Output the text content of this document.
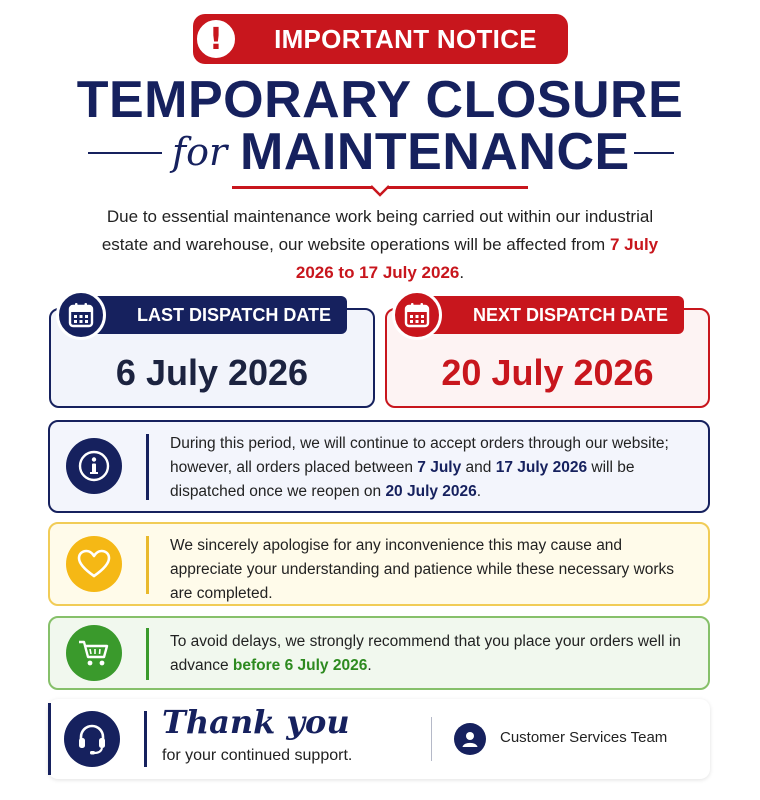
!	IMPORTANT NOTICE
TEMPORARY CLOSURE
for MAINTENANCE
Due to essential maintenance work being carried out within our industrial estate and warehouse, our website operations will be affected from 7 July 2026 to 17 July 2026.
LAST DISPATCH DATE
6 July 2026
NEXT DISPATCH DATE
20 July 2026
During this period, we will continue to accept orders through our website; however, all orders placed between 7 July and 17 July 2026 will be dispatched once we reopen on 20 July 2026.
We sincerely apologise for any inconvenience this may cause and appreciate your understanding and patience while these necessary works are completed.
To avoid delays, we strongly recommend that you place your orders well in advance before 6 July 2026.
Thank you
for your continued support.
Customer Services Team
